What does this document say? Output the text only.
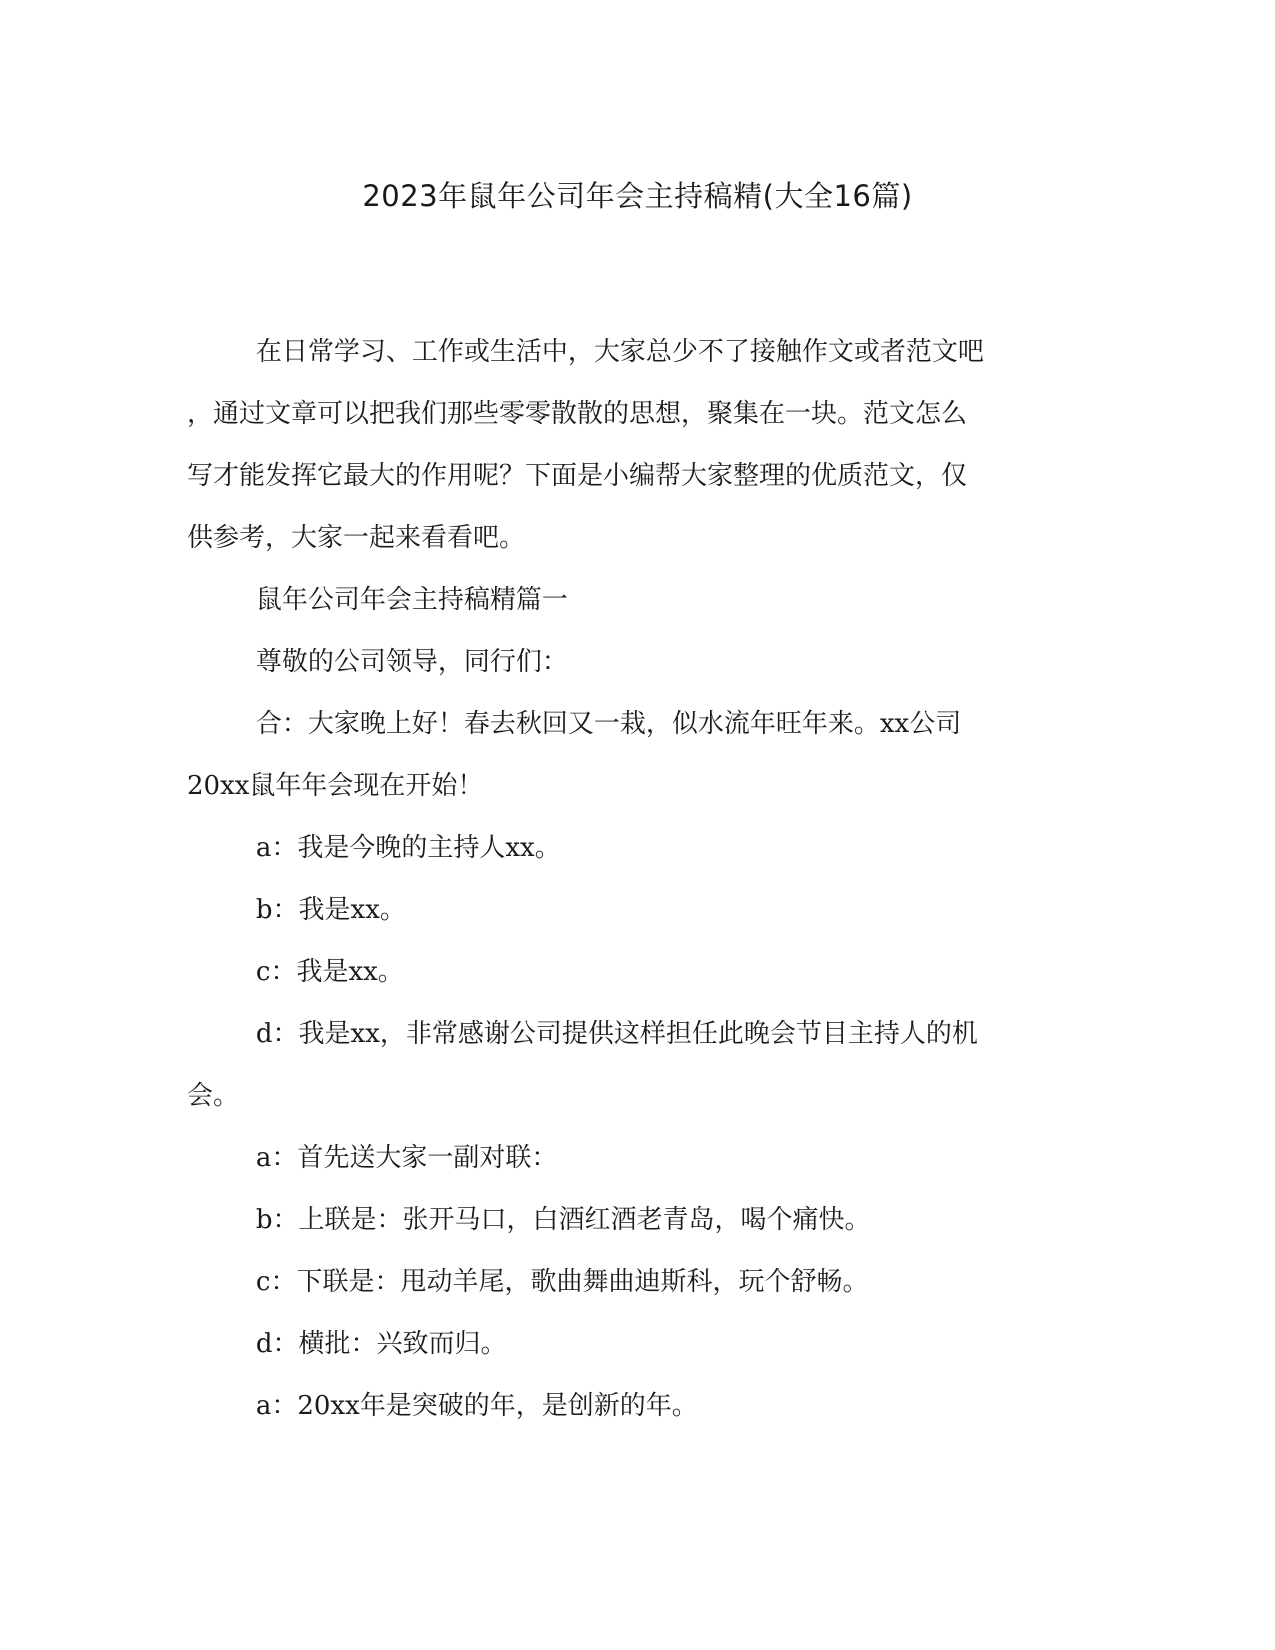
2023年鼠年公司年会主持稿精(大全16篇)

在日常学习、工作或生活中，大家总少不了接触作文或者范文吧

，通过文章可以把我们那些零零散散的思想，聚集在一块。范文怎么

写才能发挥它最大的作用呢？下面是小编帮大家整理的优质范文，仅

供参考，大家一起来看看吧。

鼠年公司年会主持稿精篇一

尊敬的公司领导，同行们：

合：大家晚上好！春去秋回又一栽，似水流年旺年来。xx公司

20xx鼠年年会现在开始！

a：我是今晚的主持人xx。

b：我是xx。

c：我是xx。

d：我是xx，非常感谢公司提供这样担任此晚会节目主持人的机

会。

a：首先送大家一副对联：

b：上联是：张开马口，白酒红酒老青岛，喝个痛快。

c：下联是：甩动羊尾，歌曲舞曲迪斯科，玩个舒畅。

d：横批：兴致而归。

a：20xx年是突破的年，是创新的年。
